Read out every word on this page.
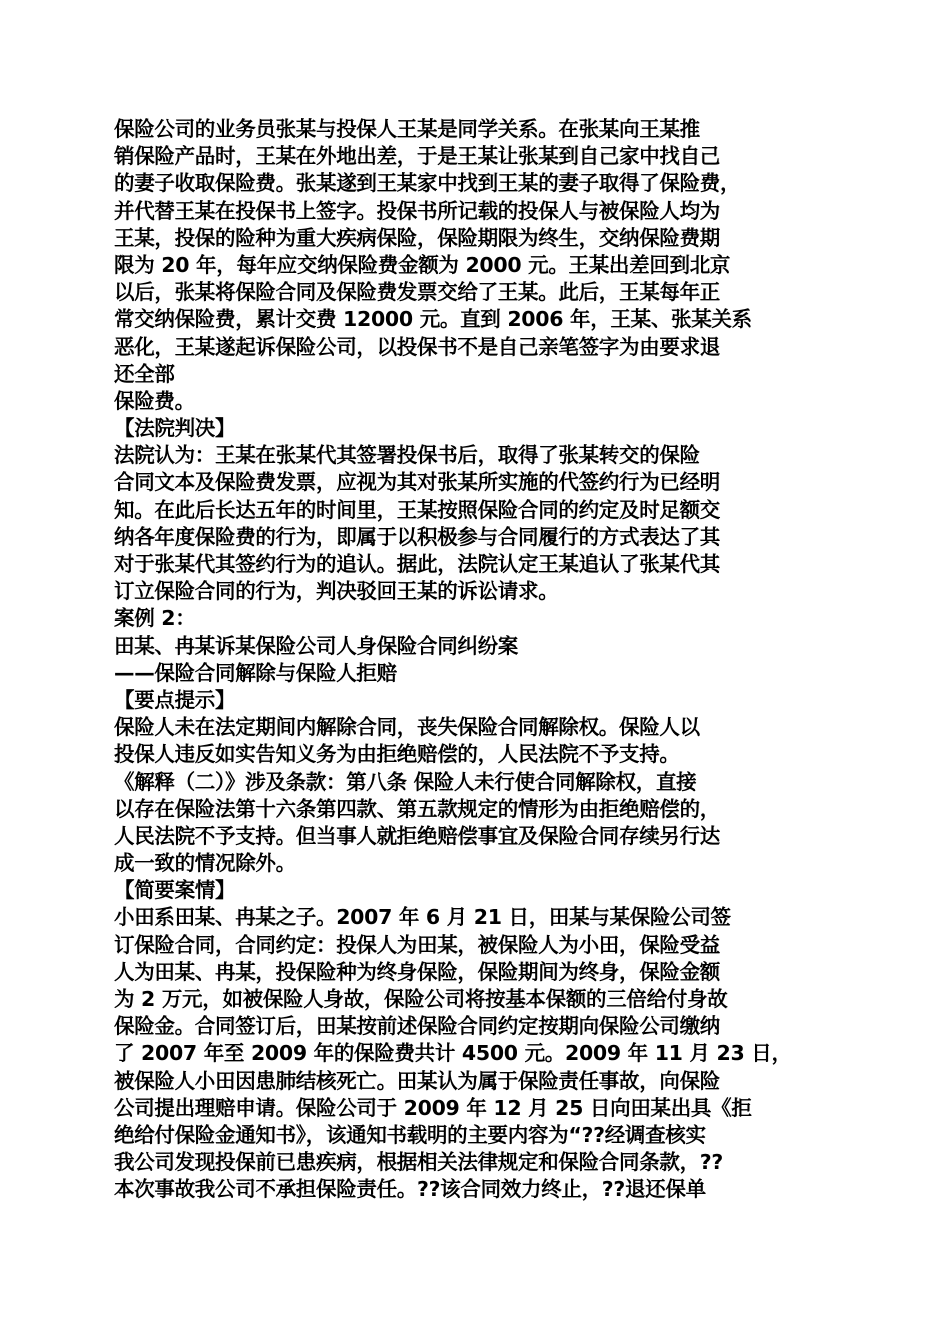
保险公司的业务员张某与投保人王某是同学关系。在张某向王某推
销保险产品时，王某在外地出差，于是王某让张某到自己家中找自己
的妻子收取保险费。张某遂到王某家中找到王某的妻子取得了保险费，
并代替王某在投保书上签字。投保书所记载的投保人与被保险人均为
王某，投保的险种为重大疾病保险，保险期限为终生，交纳保险费期
限为 20 年，每年应交纳保险费金额为 2000 元。王某出差回到北京
以后，张某将保险合同及保险费发票交给了王某。此后，王某每年正
常交纳保险费，累计交费 12000 元。直到 2006 年，王某、张某关系
恶化，王某遂起诉保险公司，以投保书不是自己亲笔签字为由要求退
还全部
保险费。
【法院判决】
法院认为：王某在张某代其签署投保书后，取得了张某转交的保险
合同文本及保险费发票，应视为其对张某所实施的代签约行为已经明
知。在此后长达五年的时间里，王某按照保险合同的约定及时足额交
纳各年度保险费的行为，即属于以积极参与合同履行的方式表达了其
对于张某代其签约行为的追认。据此，法院认定王某追认了张某代其
订立保险合同的行为，判决驳回王某的诉讼请求。
案例 2：
田某、冉某诉某保险公司人身保险合同纠纷案
——保险合同解除与保险人拒赔
【要点提示】
保险人未在法定期间内解除合同，丧失保险合同解除权。保险人以
投保人违反如实告知义务为由拒绝赔偿的，人民法院不予支持。
《解释（二）》涉及条款：第八条 保险人未行使合同解除权，直接
以存在保险法第十六条第四款、第五款规定的情形为由拒绝赔偿的，
人民法院不予支持。但当事人就拒绝赔偿事宜及保险合同存续另行达
成一致的情况除外。
【简要案情】
小田系田某、冉某之子。2007 年 6 月 21 日，田某与某保险公司签
订保险合同，合同约定：投保人为田某，被保险人为小田，保险受益
人为田某、冉某，投保险种为终身保险，保险期间为终身，保险金额
为 2 万元，如被保险人身故，保险公司将按基本保额的三倍给付身故
保险金。合同签订后，田某按前述保险合同约定按期向保险公司缴纳
了 2007 年至 2009 年的保险费共计 4500 元。2009 年 11 月 23 日，
被保险人小田因患肺结核死亡。田某认为属于保险责任事故，向保险
公司提出理赔申请。保险公司于 2009 年 12 月 25 日向田某出具《拒
绝给付保险金通知书》，该通知书载明的主要内容为“??经调查核实
我公司发现投保前已患疾病，根据相关法律规定和保险合同条款，??
本次事故我公司不承担保险责任。??该合同效力终止，??退还保单
